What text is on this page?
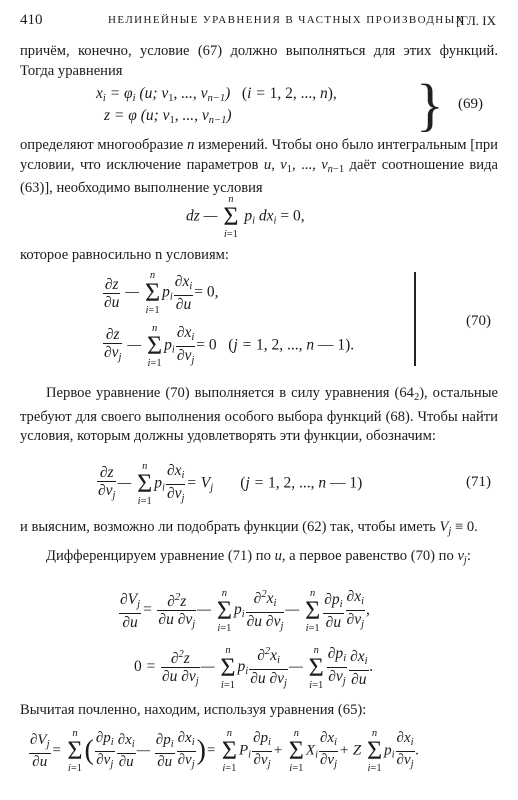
410	НЕЛИНЕЙНЫЕ УРАВНЕНИЯ В ЧАСТНЫХ ПРОИЗВОДНЫХ
[ГЛ. IX
причём, конечно, условие (67) должно выполняться для этих функций. Тогда уравнения
$x_i = \varphi_i$ (u; $v_1$, ..., $v_{n-1}$)   (i = 1, 2, ..., n),
z = φ (u; $v_1$, ..., $v_{n-1}$)	} (69)
определяют многообразие n измерений. Чтобы оно было интегральным [при условии, что исключение параметров u, $v_1$, ..., $v_{n-1}$ даёт соотношение вида (63)], необходимо выполнение условия
dz —
n
Σ
i=1
$p_i$ $dx_i = 0$,
которое равносильно n условиям:
$\frac{\partial z}{\partial u}$ —
n
Σ
i=1
$p_i \frac{\partial x_i}{\partial u} = 0$,
$\frac{\partial z}{\partial v_j}$ —
n
Σ
i=1
$p_i \frac{\partial x_i}{\partial v_j} = 0$   (j = 1, 2, ..., n — 1).
(70)
Первое уравнение (70) выполняется в силу уравнения $(64_2)$, остальные требуют для своего выполнения особого выбора функций (68). Чтобы найти условия, которым должны удовлетворять эти функции, обозначим:
$\frac{\partial z}{\partial v_j}$ —
n
Σ
i=1
$p_i \frac{\partial x_i}{\partial v_j} = V_j$ (j = 1, 2, ..., n — 1)	(71)
и выясним, возможно ли подобрать функции (62) так, чтобы иметь $V_j \equiv 0$.
Дифференцируем уравнение (71) по u, а первое равенство (70) по $v_j$:
$\frac{\partial V_j}{\partial u} = \frac{\partial^2z}{\partial u \partial v_j}$ —
n
Σ
i=1
$p_i \frac{\partial^2x_i}{\partial u \partial v_j}$ —
n
Σ
$i=1 \frac{\partial p_i}{\partial u} \frac{\partial x_i}{\partial v_j}$ ,
$0 = \frac{\partial^2z}{\partial u \partial v_j}$ —
n
Σ
i=1
$p_i \frac{\partial^2x_i}{\partial u \partial v_j}$ —
n
Σ
$i=1 \frac{\partial p_i}{\partial v_j} \frac{\partial x_i}{\partial u}$ .
Вычитая почленно, находим, используя уравнения (65):
$\frac{\partial V_j}{\partial u}$ =
n
Σ
i=1
( $\frac{\partial p_i}{\partial v_j} \frac{\partial x_i}{\partial u}$ — $\frac{\partial p_i}{\partial u} \frac{\partial x_i}{\partial v_j}$ )=
n
Σ
i=1
$P_i \frac{\partial p_i}{\partial v_j}$ +
n
Σ
i=1
$X_i \frac{\partial x_i}{\partial v_j} + Z$
n
Σ
i=1
$p_i \frac{\partial x_i}{\partial v_j}$ .
